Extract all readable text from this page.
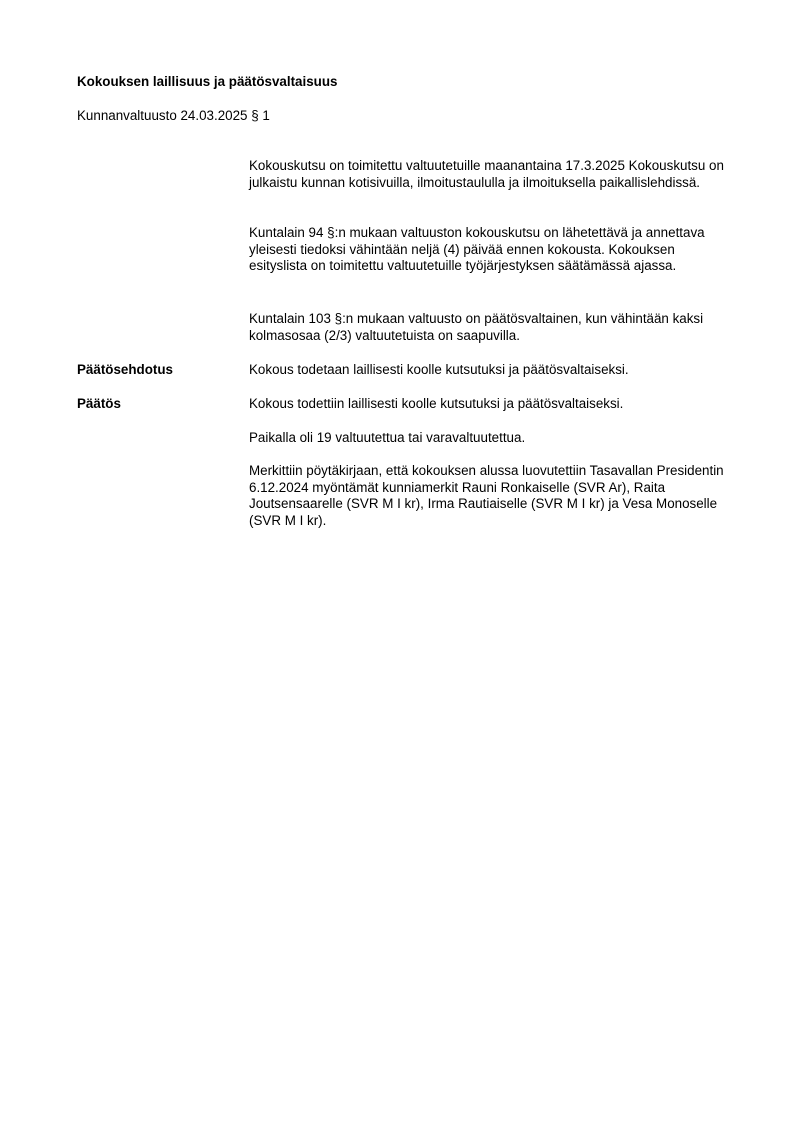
Kokouksen laillisuus ja päätösvaltaisuus

Kunnanvaltuusto 24.03.2025 § 1

Kokouskutsu on toimitettu valtuutetuille maanantaina 17.3.2025 Kokouskutsu on julkaistu kunnan kotisivuilla, ilmoitustaululla ja ilmoituksella paikallislehdissä.

Kuntalain 94 §:n mukaan valtuuston kokouskutsu on lähetettävä ja annettava yleisesti tiedoksi vähintään neljä (4) päivää ennen kokousta. Kokouksen esityslista on toimitettu valtuutetuille työjärjestyksen säätämässä ajassa.

Kuntalain 103 §:n mukaan valtuusto on päätösvaltainen, kun vähintään kaksi kolmasosaa (2/3) valtuutetuista on saapuvilla.

Päätösehdotus	Kokous todetaan laillisesti koolle kutsutuksi ja päätösvaltaiseksi.

Päätös	Kokous todettiin laillisesti koolle kutsutuksi ja päätösvaltaiseksi.

Paikalla oli 19 valtuutettua tai varavaltuutettua.

Merkittiin pöytäkirjaan, että kokouksen alussa luovutettiin Tasavallan Presidentin 6.12.2024 myöntämät kunniamerkit Rauni Ronkaiselle (SVR Ar), Raita Joutsensaarelle (SVR M I kr), Irma Rautiaiselle (SVR M I kr) ja Vesa Monoselle (SVR M I kr).
